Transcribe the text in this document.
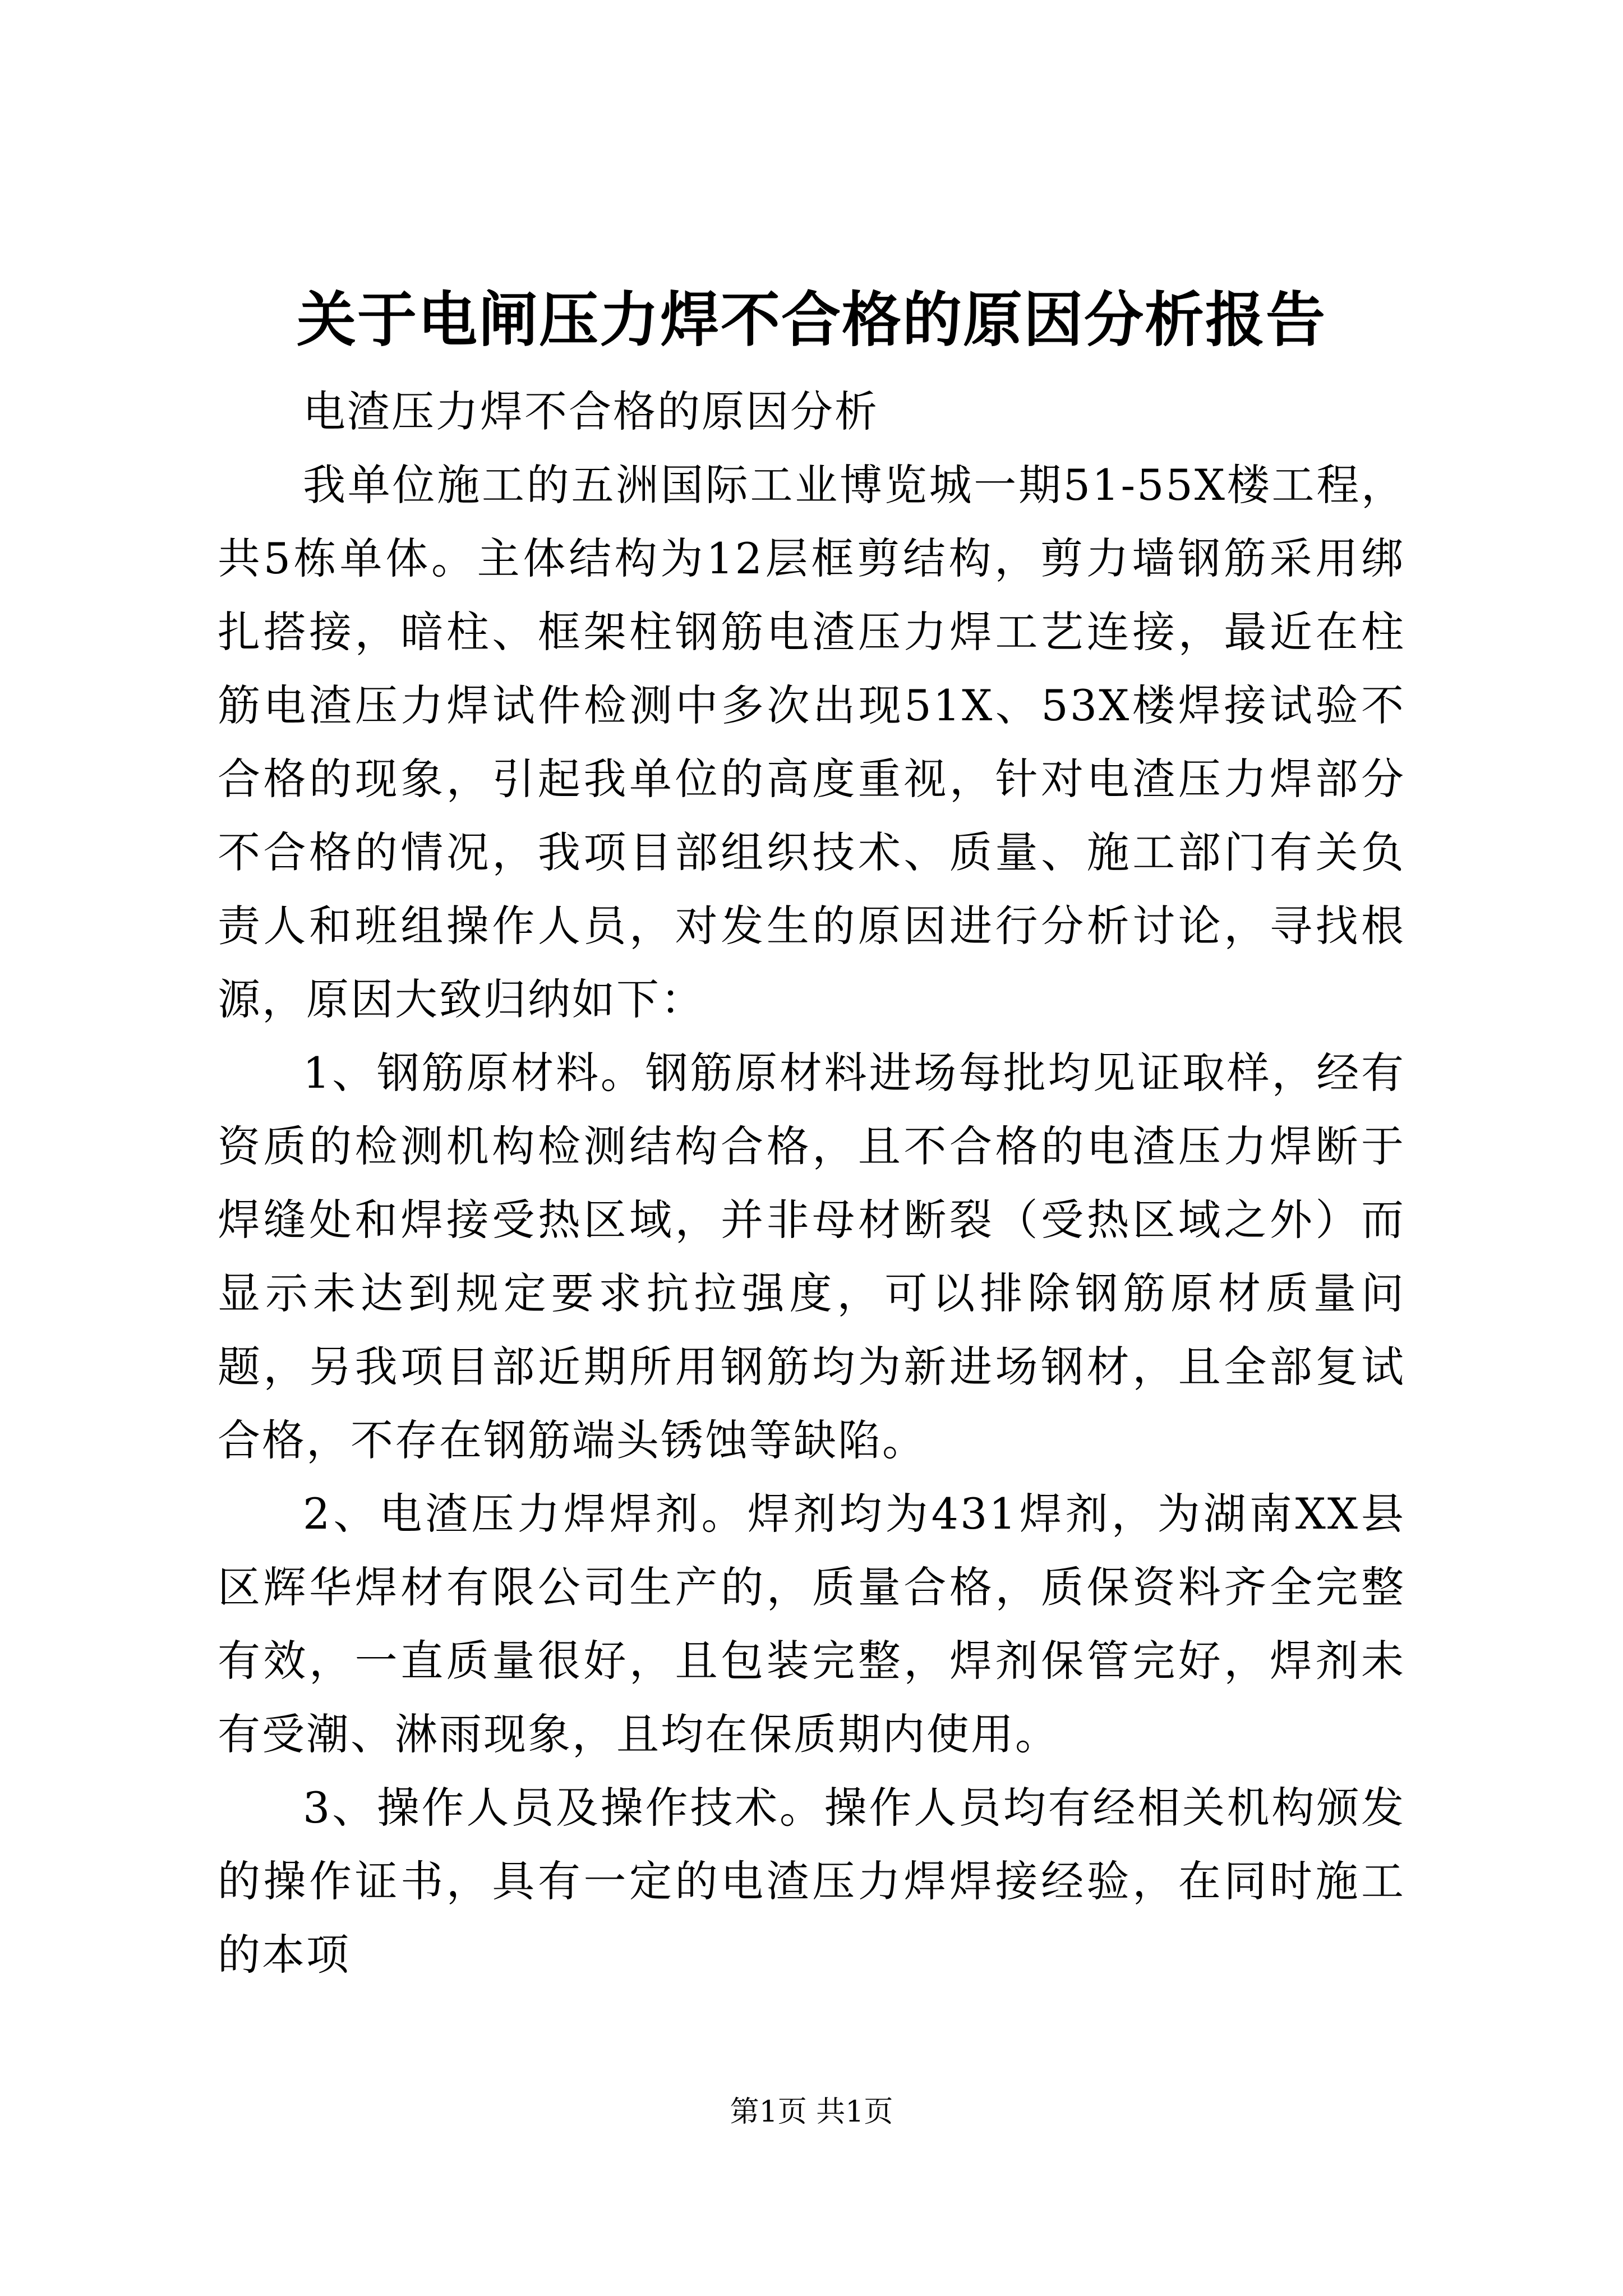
关于电闸压力焊不合格的原因分析报告

电渣压力焊不合格的原因分析

我单位施工的五洲国际工业博览城一期51-55X楼工程，共5栋单体。主体结构为12层框剪结构，剪力墙钢筋采用绑扎搭接，暗柱、框架柱钢筋电渣压力焊工艺连接，最近在柱筋电渣压力焊试件检测中多次出现51X、53X楼焊接试验不合格的现象，引起我单位的高度重视，针对电渣压力焊部分不合格的情况，我项目部组织技术、质量、施工部门有关负责人和班组操作人员，对发生的原因进行分析讨论，寻找根源，原因大致归纳如下：

1、钢筋原材料。钢筋原材料进场每批均见证取样，经有资质的检测机构检测结构合格，且不合格的电渣压力焊断于焊缝处和焊接受热区域，并非母材断裂（受热区域之外）而显示未达到规定要求抗拉强度，可以排除钢筋原材质量问题，另我项目部近期所用钢筋均为新进场钢材，且全部复试合格，不存在钢筋端头锈蚀等缺陷。

2、电渣压力焊焊剂。焊剂均为431焊剂，为湖南XX县区辉华焊材有限公司生产的，质量合格，质保资料齐全完整有效，一直质量很好，且包装完整，焊剂保管完好，焊剂未有受潮、淋雨现象，且均在保质期内使用。

3、操作人员及操作技术。操作人员均有经相关机构颁发的操作证书，具有一定的电渣压力焊焊接经验，在同时施工的本项

第1页 共1页
